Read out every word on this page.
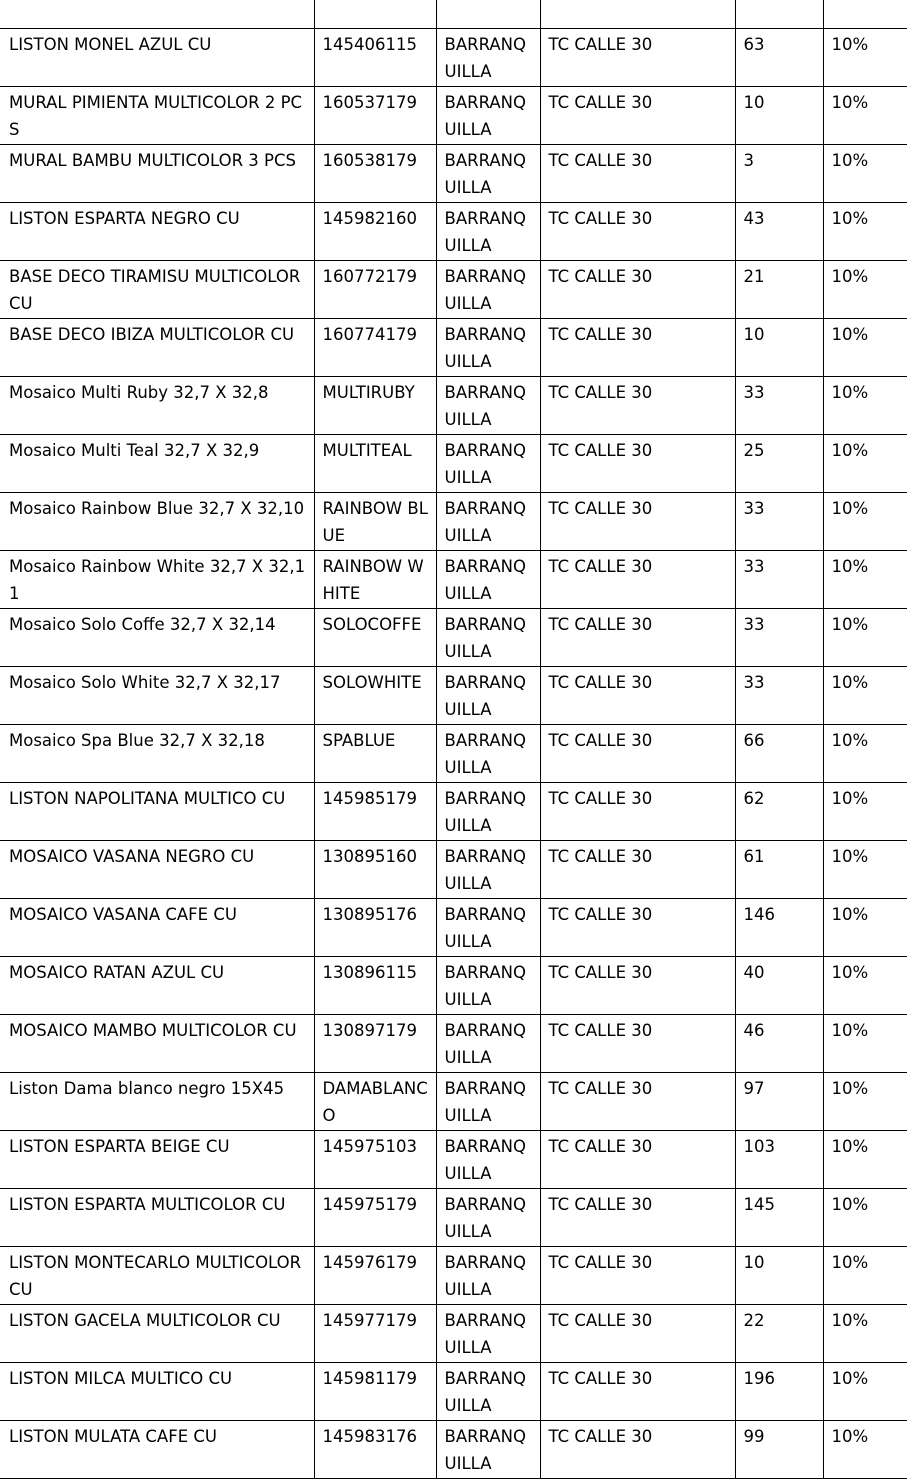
LISTON MONEL AZUL CU	145406115	BARRANQUILLA	TC CALLE 30	63	10%
MURAL PIMIENTA MULTICOLOR 2 PCS	160537179	BARRANQUILLA	TC CALLE 30	10	10%
MURAL BAMBU MULTICOLOR 3 PCS	160538179	BARRANQUILLA	TC CALLE 30	3	10%
LISTON ESPARTA NEGRO CU	145982160	BARRANQUILLA	TC CALLE 30	43	10%
BASE DECO TIRAMISU MULTICOLOR CU	160772179	BARRANQUILLA	TC CALLE 30	21	10%
BASE DECO IBIZA MULTICOLOR CU	160774179	BARRANQUILLA	TC CALLE 30	10	10%
Mosaico Multi Ruby 32,7 X 32,8	MULTIRUBY	BARRANQUILLA	TC CALLE 30	33	10%
Mosaico Multi Teal 32,7 X 32,9	MULTITEAL	BARRANQUILLA	TC CALLE 30	25	10%
Mosaico Rainbow Blue 32,7 X 32,10	RAINBOW BLUE	BARRANQUILLA	TC CALLE 30	33	10%
Mosaico Rainbow White 32,7 X 32,11	RAINBOW WHITE	BARRANQUILLA	TC CALLE 30	33	10%
Mosaico Solo Coffe 32,7 X 32,14	SOLOCOFFE	BARRANQUILLA	TC CALLE 30	33	10%
Mosaico Solo White 32,7 X 32,17	SOLOWHITE	BARRANQUILLA	TC CALLE 30	33	10%
Mosaico Spa Blue 32,7 X 32,18	SPABLUE	BARRANQUILLA	TC CALLE 30	66	10%
LISTON NAPOLITANA MULTICO CU	145985179	BARRANQUILLA	TC CALLE 30	62	10%
MOSAICO VASANA NEGRO CU	130895160	BARRANQUILLA	TC CALLE 30	61	10%
MOSAICO VASANA CAFE CU	130895176	BARRANQUILLA	TC CALLE 30	146	10%
MOSAICO RATAN AZUL CU	130896115	BARRANQUILLA	TC CALLE 30	40	10%
MOSAICO MAMBO MULTICOLOR CU	130897179	BARRANQUILLA	TC CALLE 30	46	10%
Liston Dama blanco negro 15X45	DAMABLANCO	BARRANQUILLA	TC CALLE 30	97	10%
LISTON ESPARTA BEIGE CU	145975103	BARRANQUILLA	TC CALLE 30	103	10%
LISTON ESPARTA MULTICOLOR CU	145975179	BARRANQUILLA	TC CALLE 30	145	10%
LISTON MONTECARLO MULTICOLOR CU	145976179	BARRANQUILLA	TC CALLE 30	10	10%
LISTON GACELA MULTICOLOR CU	145977179	BARRANQUILLA	TC CALLE 30	22	10%
LISTON MILCA MULTICO CU	145981179	BARRANQUILLA	TC CALLE 30	196	10%
LISTON MULATA CAFE CU	145983176	BARRANQUILLA	TC CALLE 30	99	10%
